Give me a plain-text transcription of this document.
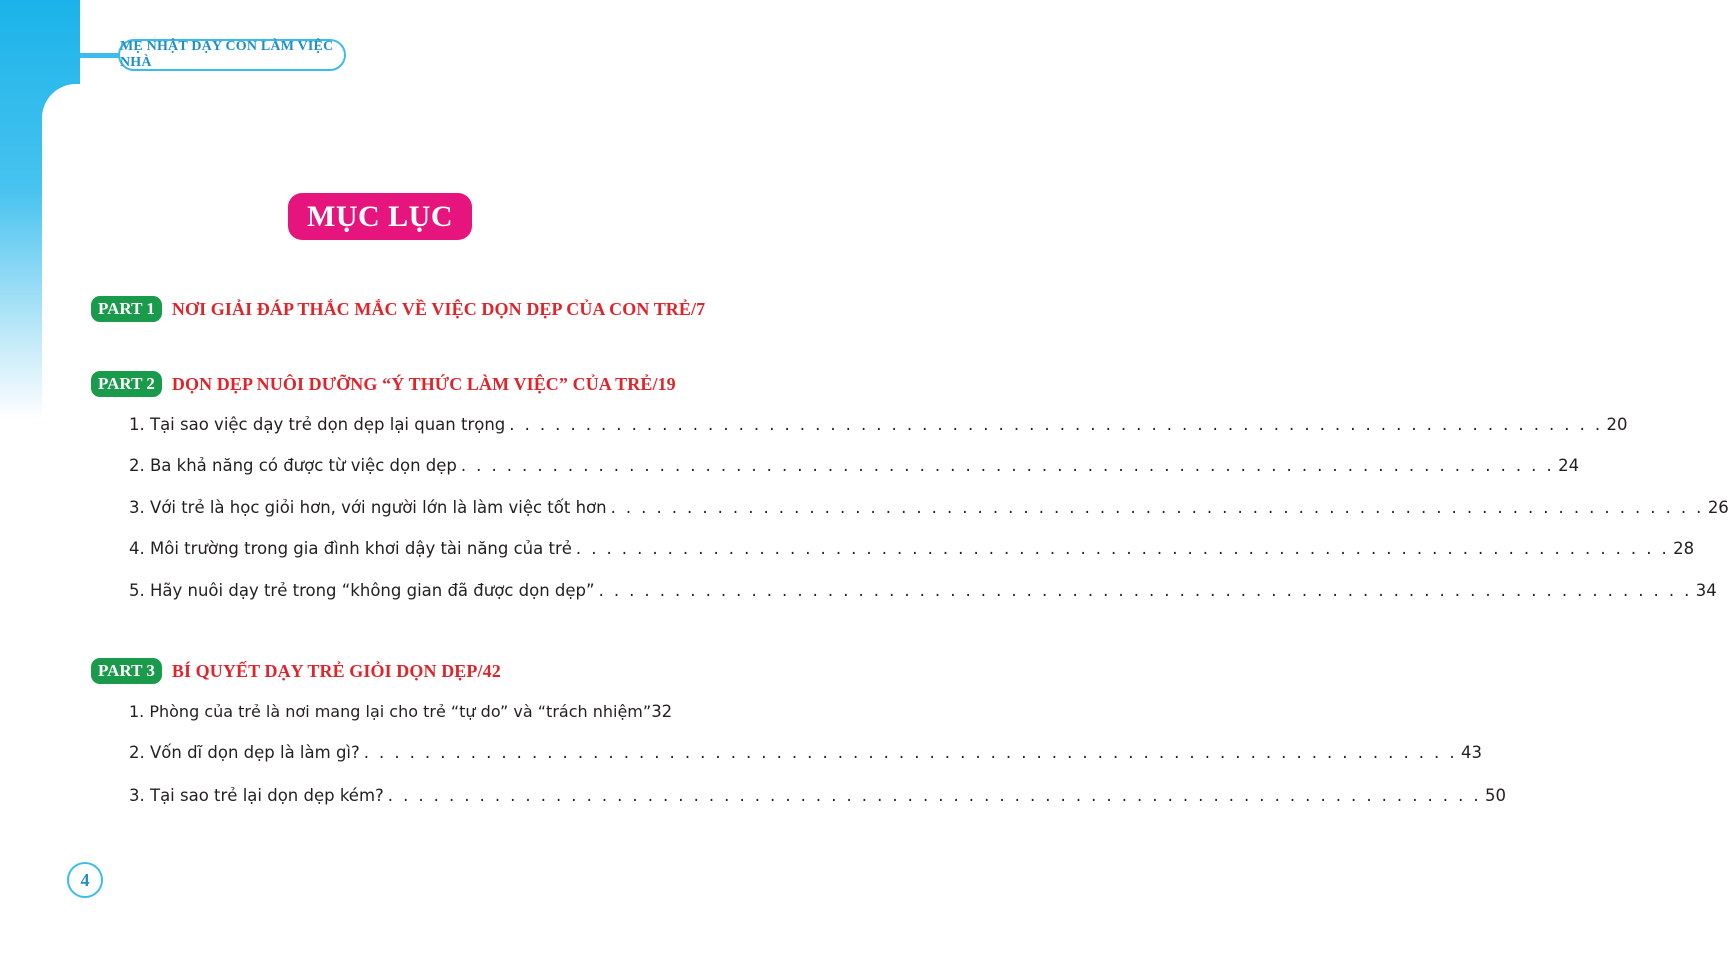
MẸ NHẬT DẠY CON LÀM VIỆC NHÀ
MỤC LỤC
PART 1 NƠI GIẢI ĐÁP THẮC MẮC VỀ VIỆC DỌN DẸP CỦA CON TRẺ/7
PART 2 DỌN DẸP NUÔI DƯỠNG “Ý THỨC LÀM VIỆC” CỦA TRẺ/19
1. Tại sao việc dạy trẻ dọn dẹp lại quan trọng . . . . . . . . . . . . . . . . . . . . . . . . . . . . . . . . . . . . . . . . . . . . . . . . . . . . . . . . . . . . . . . . . . . . . . . . 20
2. Ba khả năng có được từ việc dọn dẹp . . . . . . . . . . . . . . . . . . . . . . . . . . . . . . . . . . . . . . . . . . . . . . . . . . . . . . . . . . . . . . . . . . . . . . . . 24
3. Với trẻ là học giỏi hơn, với người lớn là làm việc tốt hơn . . . . . . . . . . . . . . . . . . . . . . . . . . . . . . . . . . . . . . . . . . . . . . . . . . . . . . . . . . . . . . . . . . . . . . . . 26
4. Môi trường trong gia đình khơi dậy tài năng của trẻ . . . . . . . . . . . . . . . . . . . . . . . . . . . . . . . . . . . . . . . . . . . . . . . . . . . . . . . . . . . . . . . . . . . . . . . . 28
5. Hãy nuôi dạy trẻ trong “không gian đã được dọn dẹp” . . . . . . . . . . . . . . . . . . . . . . . . . . . . . . . . . . . . . . . . . . . . . . . . . . . . . . . . . . . . . . . . . . . . . . . . 34
PART 3 BÍ QUYẾT DẠY TRẺ GIỎI DỌN DẸP/42
1. Phòng của trẻ là nơi mang lại cho trẻ “tự do” và “trách nhiệm” 32
2. Vốn dĩ dọn dẹp là làm gì? . . . . . . . . . . . . . . . . . . . . . . . . . . . . . . . . . . . . . . . . . . . . . . . . . . . . . . . . . . . . . . . . . . . . . . . . 43
3. Tại sao trẻ lại dọn dẹp kém? . . . . . . . . . . . . . . . . . . . . . . . . . . . . . . . . . . . . . . . . . . . . . . . . . . . . . . . . . . . . . . . . . . . . . . . . 50
4
